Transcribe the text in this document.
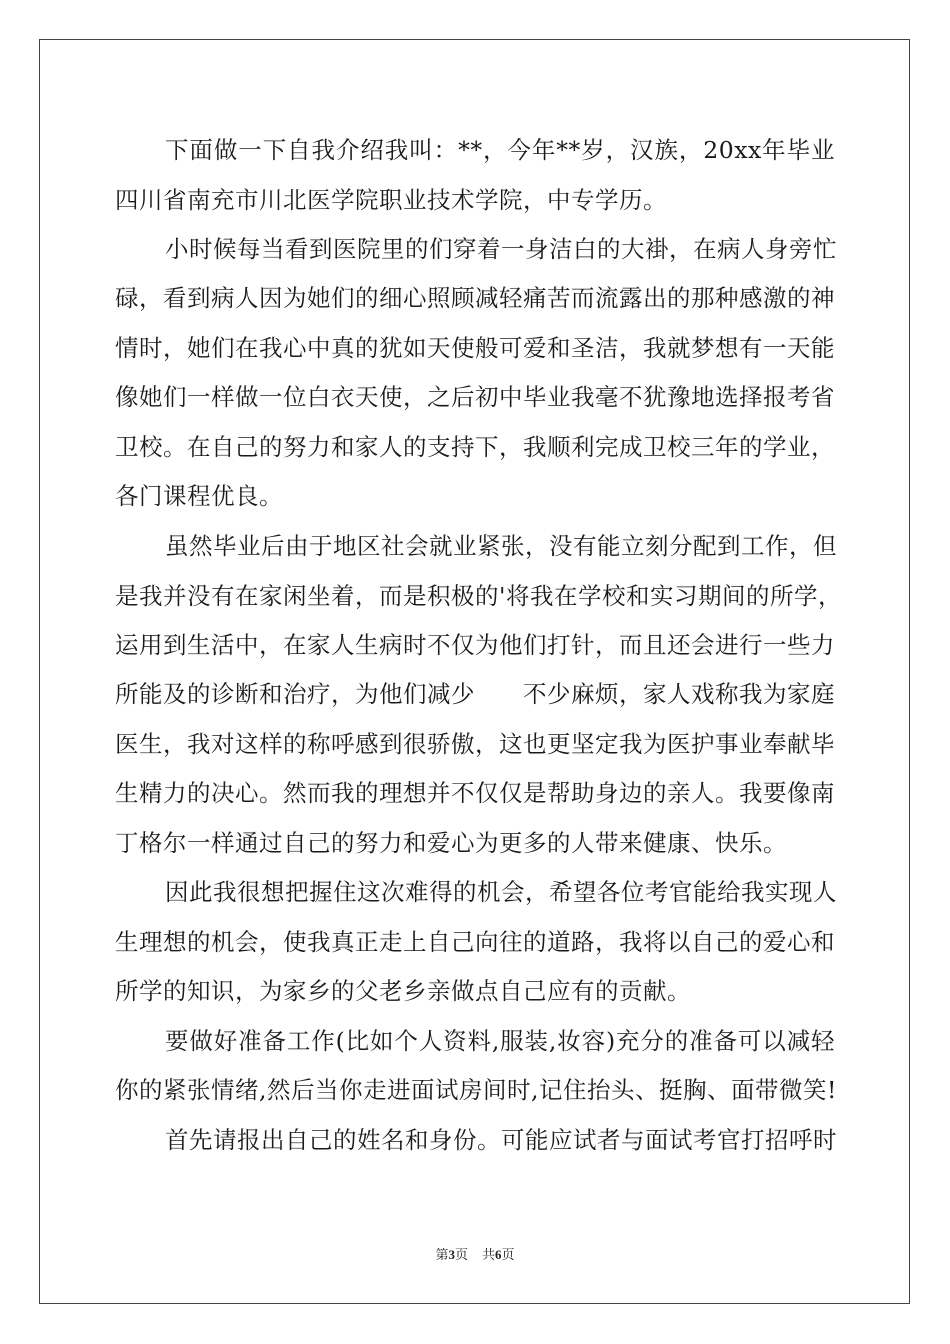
下面做一下自我介绍我叫：**，今年**岁，汉族，20xx年毕业
四川省南充市川北医学院职业技术学院，中专学历。
小时候每当看到医院里的们穿着一身洁白的大褂，在病人身旁忙
碌，看到病人因为她们的细心照顾减轻痛苦而流露出的那种感激的神
情时，她们在我心中真的犹如天使般可爱和圣洁，我就梦想有一天能
像她们一样做一位白衣天使，之后初中毕业我毫不犹豫地选择报考省
卫校。在自己的努力和家人的支持下，我顺利完成卫校三年的学业，
各门课程优良。
虽然毕业后由于地区社会就业紧张，没有能立刻分配到工作，但
是我并没有在家闲坐着，而是积极的'将我在学校和实习期间的所学，
运用到生活中，在家人生病时不仅为他们打针，而且还会进行一些力
所能及的诊断和治疗，为他们减少　　不少麻烦，家人戏称我为家庭
医生，我对这样的称呼感到很骄傲，这也更坚定我为医护事业奉献毕
生精力的决心。然而我的理想并不仅仅是帮助身边的亲人。我要像南
丁格尔一样通过自己的努力和爱心为更多的人带来健康、快乐。
因此我很想把握住这次难得的机会，希望各位考官能给我实现人
生理想的机会，使我真正走上自己向往的道路，我将以自己的爱心和
所学的知识，为家乡的父老乡亲做点自己应有的贡献。
要做好准备工作(比如个人资料,服装,妆容)充分的准备可以减轻
你的紧张情绪,然后当你走进面试房间时,记住抬头、挺胸、面带微笑!
首先请报出自己的姓名和身份。可能应试者与面试考官打招呼时
第3页 共6页
